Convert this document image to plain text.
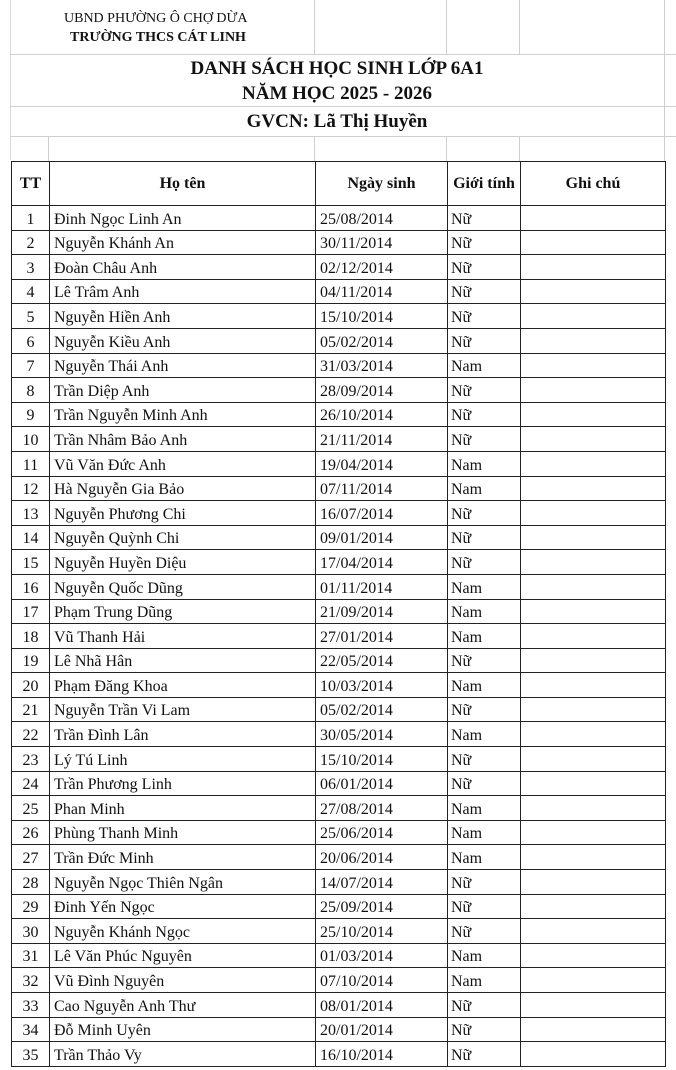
UBND PHƯỜNG Ô CHỢ DỪA
TRƯỜNG THCS CÁT LINH
DANH SÁCH HỌC SINH LỚP 6A1
NĂM HỌC 2025 - 2026
GVCN: Lã Thị Huyền
TT	Họ tên	Ngày sinh	Giới tính	Ghi chú
1	Đinh Ngọc Linh An	25/08/2014	Nữ	
2	Nguyễn Khánh An	30/11/2014	Nữ	
3	Đoàn Châu Anh	02/12/2014	Nữ	
4	Lê Trâm Anh	04/11/2014	Nữ	
5	Nguyễn Hiền Anh	15/10/2014	Nữ	
6	Nguyễn Kiều Anh	05/02/2014	Nữ	
7	Nguyễn Thái Anh	31/03/2014	Nam	
8	Trần Diệp Anh	28/09/2014	Nữ	
9	Trần Nguyễn Minh Anh	26/10/2014	Nữ	
10	Trần Nhâm Bảo Anh	21/11/2014	Nữ	
11	Vũ Văn Đức Anh	19/04/2014	Nam	
12	Hà Nguyễn Gia Bảo	07/11/2014	Nam	
13	Nguyễn Phương Chi	16/07/2014	Nữ	
14	Nguyễn Quỳnh Chi	09/01/2014	Nữ	
15	Nguyễn Huyền Diệu	17/04/2014	Nữ	
16	Nguyễn Quốc Dũng	01/11/2014	Nam	
17	Phạm Trung Dũng	21/09/2014	Nam	
18	Vũ Thanh Hải	27/01/2014	Nam	
19	Lê Nhã Hân	22/05/2014	Nữ	
20	Phạm Đăng Khoa	10/03/2014	Nam	
21	Nguyễn Trần Vi Lam	05/02/2014	Nữ	
22	Trần Đình Lân	30/05/2014	Nam	
23	Lý Tú Linh	15/10/2014	Nữ	
24	Trần Phương Linh	06/01/2014	Nữ	
25	Phan Minh	27/08/2014	Nam	
26	Phùng Thanh Minh	25/06/2014	Nam	
27	Trần Đức Minh	20/06/2014	Nam	
28	Nguyễn Ngọc Thiên Ngân	14/07/2014	Nữ	
29	Đinh Yến Ngọc	25/09/2014	Nữ	
30	Nguyễn Khánh Ngọc	25/10/2014	Nữ	
31	Lê Văn Phúc Nguyên	01/03/2014	Nam	
32	Vũ Đình Nguyên	07/10/2014	Nam	
33	Cao Nguyễn Anh Thư	08/01/2014	Nữ	
34	Đỗ Minh Uyên	20/01/2014	Nữ	
35	Trần Thảo Vy	16/10/2014	Nữ	
